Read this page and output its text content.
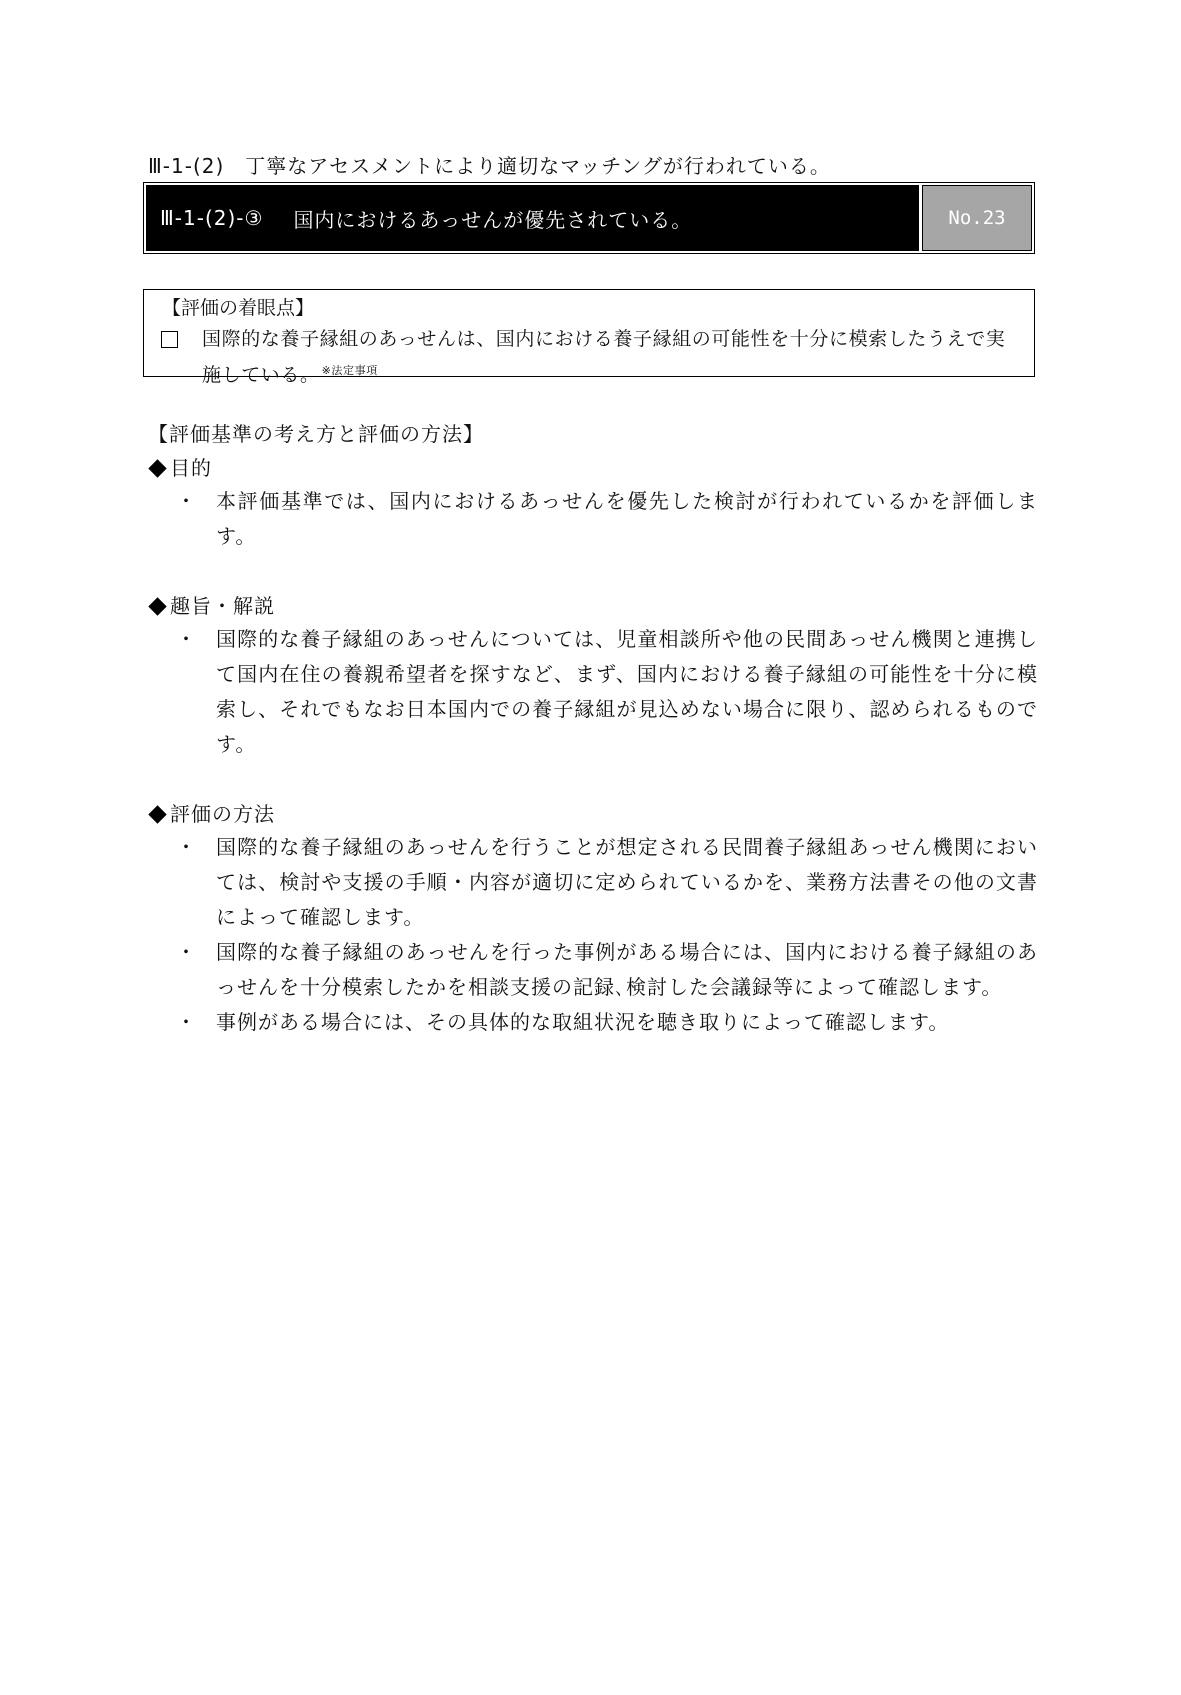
Ⅲ-1-(2)　丁寧なアセスメントにより適切なマッチングが行われている。
Ⅲ-1-(2)-③ 国内におけるあっせんが優先されている。	No.23
【評価の着眼点】
国際的な養子縁組のあっせんは、国内における養子縁組の可能性を十分に模索したうえで実施している。 $^{※法定事項}$
【評価基準の考え方と評価の方法】
目的
・ 本評価基準では、国内におけるあっせんを優先した検討が行われているかを評価します。
趣旨・解説
・ 国際的な養子縁組のあっせんについては、児童相談所や他の民間あっせん機関と連携して国内在住の養親希望者を探すなど、まず、国内における養子縁組の可能性を十分に模索し、それでもなお日本国内での養子縁組が見込めない場合に限り、認められるものです。
評価の方法
・ 国際的な養子縁組のあっせんを行うことが想定される民間養子縁組あっせん機関においては、検討や支援の手順・内容が適切に定められているかを、業務方法書その他の文書によって確認します。
・ 国際的な養子縁組のあっせんを行った事例がある場合には、国内における養子縁組のあっせんを十分模索したかを相談支援の記録､検討した会議録等によって確認します。
・ 事例がある場合には、その具体的な取組状況を聴き取りによって確認します。
